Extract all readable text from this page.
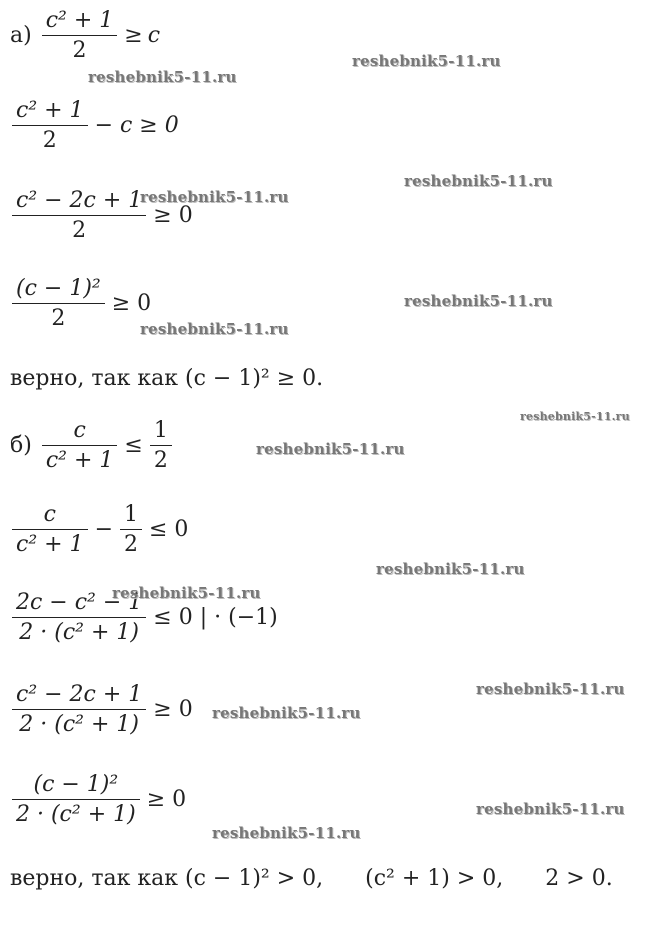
$а) \frac{\text{c² + 1}}{2} \ge c$
$\frac{\text{c² + 1}}{2} - c \ge 0$
$\frac{\text{c² − 2c + 1}}{2} \ge 0$
$\frac{\text{(c − 1)²}}{2} \ge 0$
верно, так как (c − 1)² ≥ 0.
$б) \frac{c}{\text{c² + 1}} \le \frac{1}{2}$
$\frac{c}{\text{c² + 1}} - \frac{1}{2} \le 0$
$\frac{\text{2c − c² − 1}}{\text{2 · (c² + 1)}} \le 0$ | · (−1)
$\frac{\text{c² − 2c + 1}}{\text{2 · (c² + 1)}} \ge 0$
$\frac{\text{(c − 1)²}}{\text{2 · (c² + 1)}} \ge 0$
верно, так как (c − 1)² > 0, (c² + 1) > 0, 2 > 0.
reshebnik5-11.ru
reshebnik5-11.ru
reshebnik5-11.ru
reshebnik5-11.ru
reshebnik5-11.ru
reshebnik5-11.ru
reshebnik5-11.ru
reshebnik5-11.ru
reshebnik5-11.ru
reshebnik5-11.ru
reshebnik5-11.ru
reshebnik5-11.ru
reshebnik5-11.ru
reshebnik5-11.ru
